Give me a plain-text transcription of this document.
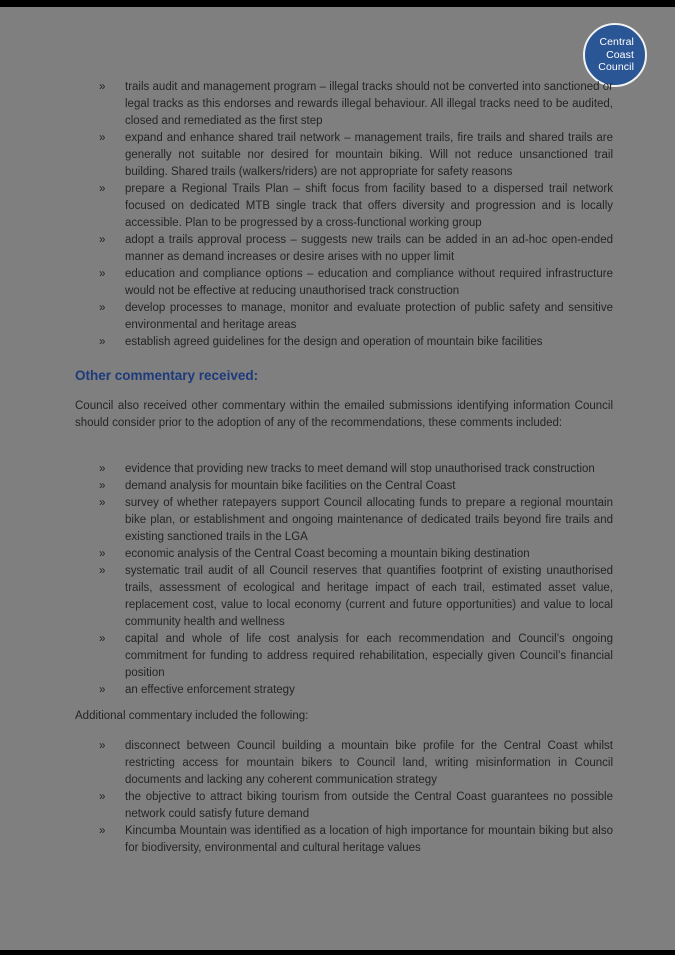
Central
Coast
Council
» trails audit and management program – illegal tracks should not be converted into sanctioned or legal tracks as this endorses and rewards illegal behaviour. All illegal tracks need to be audited, closed and remediated as the first step
» expand and enhance shared trail network – management trails, fire trails and shared trails are generally not suitable nor desired for mountain biking. Will not reduce unsanctioned trail building. Shared trails (walkers/riders) are not appropriate for safety reasons
» prepare a Regional Trails Plan – shift focus from facility based to a dispersed trail network focused on dedicated MTB single track that offers diversity and progression and is locally accessible. Plan to be progressed by a cross-functional working group
» adopt a trails approval process – suggests new trails can be added in an ad-hoc open-ended manner as demand increases or desire arises with no upper limit
» education and compliance options – education and compliance without required infrastructure would not be effective at reducing unauthorised track construction
» develop processes to manage, monitor and evaluate protection of public safety and sensitive environmental and heritage areas
» establish agreed guidelines for the design and operation of mountain bike facilities
Other commentary received:

Council also received other commentary within the emailed submissions identifying information Council should consider prior to the adoption of any of the recommendations, these comments included:

» evidence that providing new tracks to meet demand will stop unauthorised track construction
» demand analysis for mountain bike facilities on the Central Coast
» survey of whether ratepayers support Council allocating funds to prepare a regional mountain bike plan, or establishment and ongoing maintenance of dedicated trails beyond fire trails and existing sanctioned trails in the LGA
» economic analysis of the Central Coast becoming a mountain biking destination
» systematic trail audit of all Council reserves that quantifies footprint of existing unauthorised trails, assessment of ecological and heritage impact of each trail, estimated asset value, replacement cost, value to local economy (current and future opportunities) and value to local community health and wellness
» capital and whole of life cost analysis for each recommendation and Council’s ongoing commitment for funding to address required rehabilitation, especially given Council’s financial position
» an effective enforcement strategy

Additional commentary included the following:

» disconnect between Council building a mountain bike profile for the Central Coast whilst restricting access for mountain bikers to Council land, writing misinformation in Council documents and lacking any coherent communication strategy
» the objective to attract biking tourism from outside the Central Coast guarantees no possible network could satisfy future demand
» Kincumba Mountain was identified as a location of high importance for mountain biking but also for biodiversity, environmental and cultural heritage values
